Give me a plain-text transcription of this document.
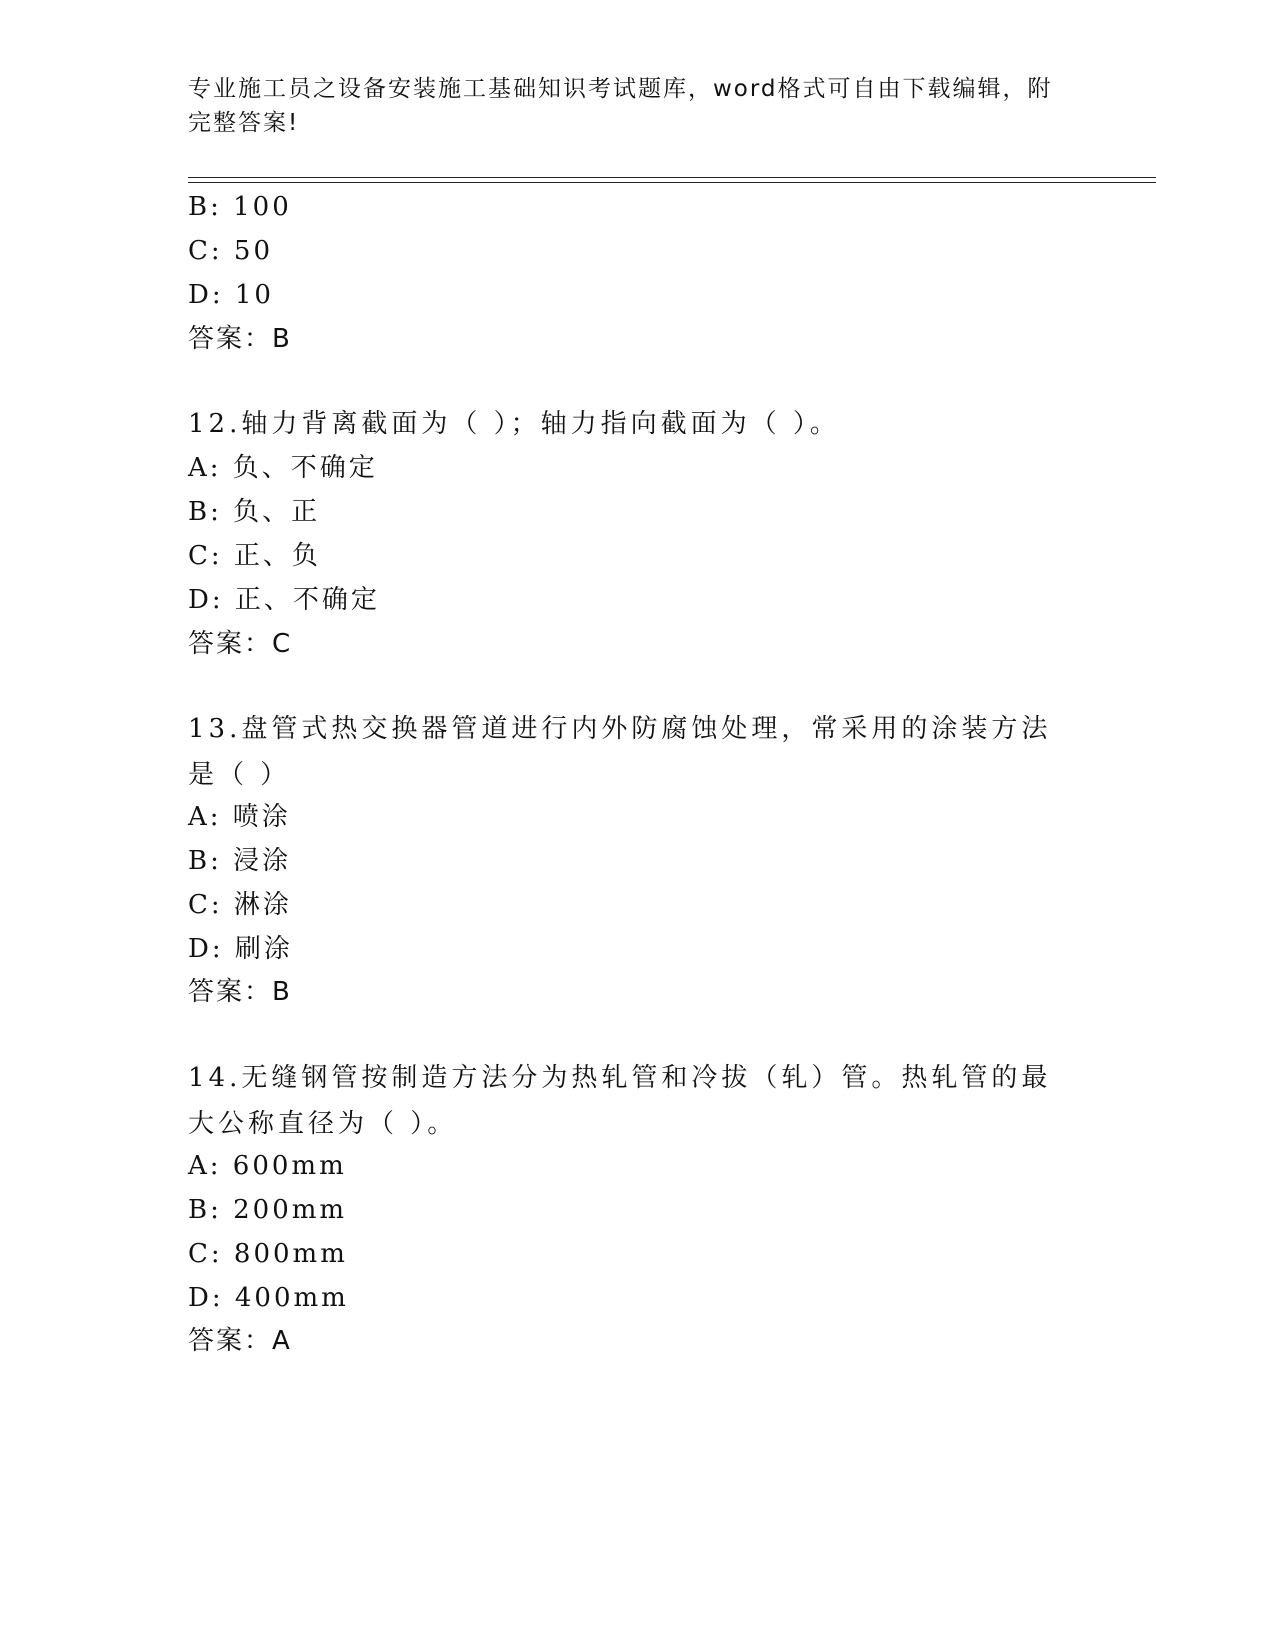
专业施工员之设备安装施工基础知识考试题库，word格式可自由下载编辑，附完整答案!
B: 100
C: 50
D: 10
答案：B
12.轴力背离截面为（ ）；轴力指向截面为（ ）。
A: 负、不确定
B: 负、正
C: 正、负
D: 正、不确定
答案：C
13.盘管式热交换器管道进行内外防腐蚀处理，常采用的涂装方法是（ ）
A: 喷涂
B: 浸涂
C: 淋涂
D: 刷涂
答案：B
14.无缝钢管按制造方法分为热轧管和冷拔（轧）管。热轧管的最大公称直径为（ ）。
A: 600mm
B: 200mm
C: 800mm
D: 400mm
答案：A
